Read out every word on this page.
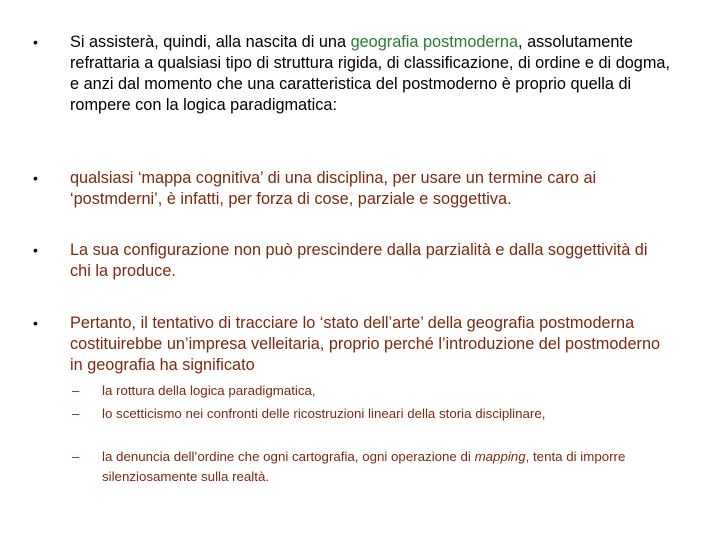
• Si assisterà, quindi, alla nascita di una geografia postmoderna, assolutamente refrattaria a qualsiasi tipo di struttura rigida, di classificazione, di ordine e di dogma, e anzi dal momento che una caratteristica del postmoderno è proprio quella di rompere con la logica paradigmatica:

• qualsiasi ‘mappa cognitiva’ di una disciplina, per usare un termine caro ai ‘postmderni’, è infatti, per forza di cose, parziale e soggettiva.

• La sua configurazione non può prescindere dalla parzialità e dalla soggettività di chi la produce.

• Pertanto, il tentativo di tracciare lo ‘stato dell’arte’ della geografia postmoderna costituirebbe un’impresa velleitaria, proprio perché l’introduzione del postmoderno in geografia ha significato

–	la rottura della logica paradigmatica,
–	lo scetticismo nei confronti delle ricostruzioni lineari della storia disciplinare,
–	la denuncia dell’ordine che ogni cartografia, ogni operazione di mapping, tenta di imporre silenziosamente sulla realtà.
